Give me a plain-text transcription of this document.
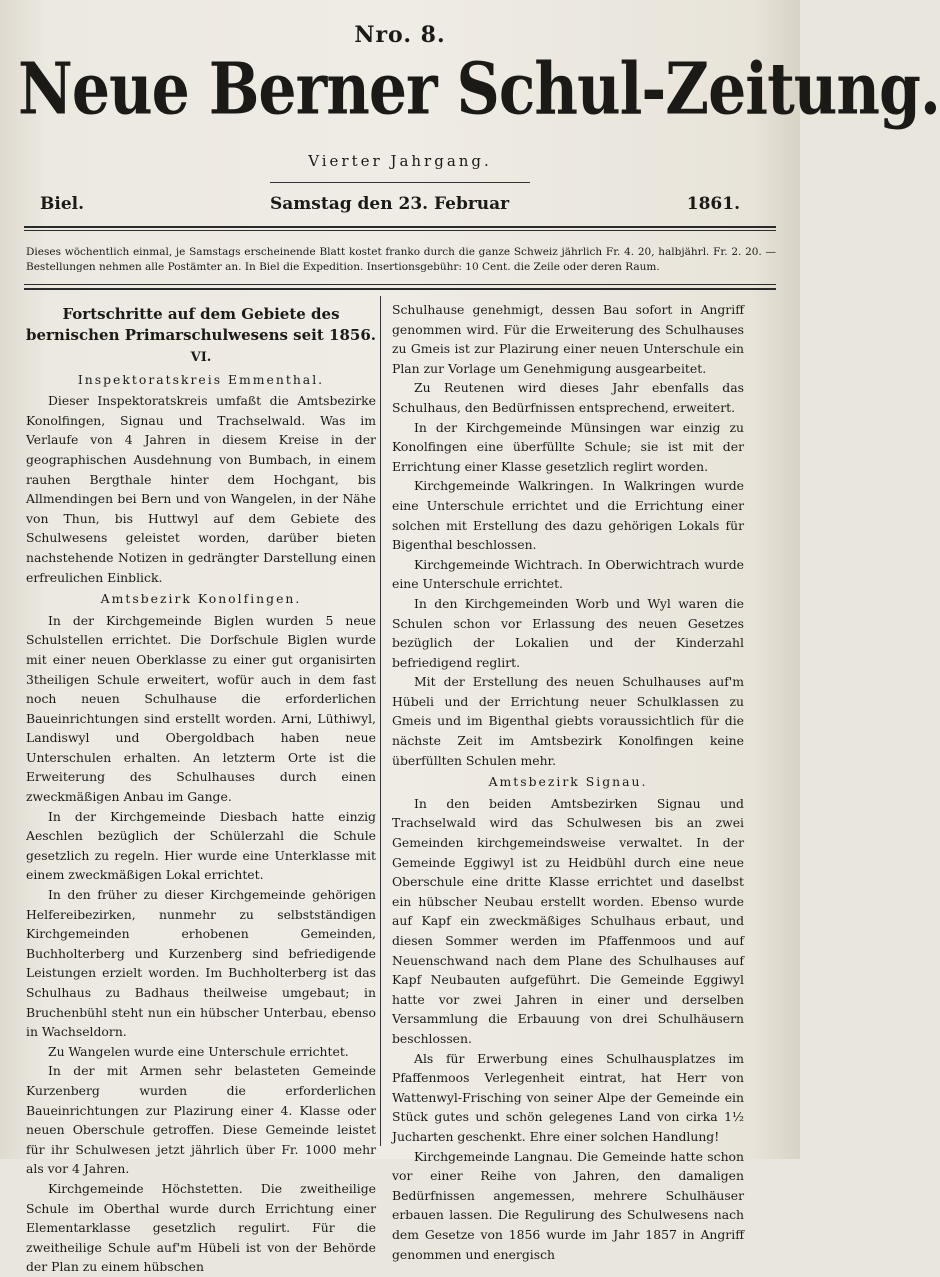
Nro. 8.
Neue Berner Schul-Zeitung.
Vierter Jahrgang.
Biel.	Samstag den 23. Februar	1861.
Dieses wöchentlich einmal, je Samstags erscheinende Blatt kostet franko durch die ganze Schweiz jährlich Fr. 4. 20, halbjährl. Fr. 2. 20. — Bestellungen nehmen alle Postämter an. In Biel die Expedition. Insertionsgebühr: 10 Cent. die Zeile oder deren Raum.
Fortschritte auf dem Gebiete des bernischen Primarschulwesens seit 1856.
VI.
Inspektoratskreis Emmenthal.

Dieser Inspektoratskreis umfaßt die Amtsbezirke Konolfingen, Signau und Trachselwald. Was im Verlaufe von 4 Jahren in diesem Kreise in der geographischen Ausdehnung von Bumbach, in einem rauhen Bergthale hinter dem Hochgant, bis Allmendingen bei Bern und von Wangelen, in der Nähe von Thun, bis Huttwyl auf dem Gebiete des Schulwesens geleistet worden, darüber bieten nachstehende Notizen in gedrängter Darstellung einen erfreulichen Einblick.

Amtsbezirk Konolfingen.

In der Kirchgemeinde Biglen wurden 5 neue Schulstellen errichtet. Die Dorfschule Biglen wurde mit einer neuen Oberklasse zu einer gut organisirten 3theiligen Schule erweitert, wofür auch in dem fast noch neuen Schulhause die erforderlichen Baueinrichtungen sind erstellt worden. Arni, Lüthiwyl, Landiswyl und Obergoldbach haben neue Unterschulen erhalten. An letzterm Orte ist die Erweiterung des Schulhauses durch einen zweckmäßigen Anbau im Gange.

In der Kirchgemeinde Diesbach hatte einzig Aeschlen bezüglich der Schülerzahl die Schule gesetzlich zu regeln. Hier wurde eine Unterklasse mit einem zweckmäßigen Lokal errichtet.

In den früher zu dieser Kirchgemeinde gehörigen Helfereibezirken, nunmehr zu selbstständigen Kirchgemeinden erhobenen Gemeinden, Buchholterberg und Kurzenberg sind befriedigende Leistungen erzielt worden. Im Buchholterberg ist das Schulhaus zu Badhaus theilweise umgebaut; in Bruchenbühl steht nun ein hübscher Unterbau, ebenso in Wachseldorn.

Zu Wangelen wurde eine Unterschule errichtet.

In der mit Armen sehr belasteten Gemeinde Kurzenberg wurden die erforderlichen Baueinrichtungen zur Plazirung einer 4. Klasse oder neuen Oberschule getroffen. Diese Gemeinde leistet für ihr Schulwesen jetzt jährlich über Fr. 1000 mehr als vor 4 Jahren.

Kirchgemeinde Höchstetten. Die zweitheilige Schule im Oberthal wurde durch Errichtung einer Elementarklasse gesetzlich regulirt. Für die zweitheilige Schule auf'm Hübeli ist von der Behörde der Plan zu einem hübschen

Schulhause genehmigt, dessen Bau sofort in Angriff genommen wird. Für die Erweiterung des Schulhauses zu Gmeis ist zur Plazirung einer neuen Unterschule ein Plan zur Vorlage um Genehmigung ausgearbeitet.

Zu Reutenen wird dieses Jahr ebenfalls das Schulhaus, den Bedürfnissen entsprechend, erweitert.

In der Kirchgemeinde Münsingen war einzig zu Konolfingen eine überfüllte Schule; sie ist mit der Errichtung einer Klasse gesetzlich reglirt worden.

Kirchgemeinde Walkringen. In Walkringen wurde eine Unterschule errichtet und die Errichtung einer solchen mit Erstellung des dazu gehörigen Lokals für Bigenthal beschlossen.

Kirchgemeinde Wichtrach. In Oberwichtrach wurde eine Unterschule errichtet.

In den Kirchgemeinden Worb und Wyl waren die Schulen schon vor Erlassung des neuen Gesetzes bezüglich der Lokalien und der Kinderzahl befriedigend reglirt.

Mit der Erstellung des neuen Schulhauses auf'm Hübeli und der Errichtung neuer Schulklassen zu Gmeis und im Bigenthal giebts voraussichtlich für die nächste Zeit im Amtsbezirk Konolfingen keine überfüllten Schulen mehr.

Amtsbezirk Signau.

In den beiden Amtsbezirken Signau und Trachselwald wird das Schulwesen bis an zwei Gemeinden kirchgemeindsweise verwaltet. In der Gemeinde Eggiwyl ist zu Heidbühl durch eine neue Oberschule eine dritte Klasse errichtet und daselbst ein hübscher Neubau erstellt worden. Ebenso wurde auf Kapf ein zweckmäßiges Schulhaus erbaut, und diesen Sommer werden im Pfaffenmoos und auf Neuenschwand nach dem Plane des Schulhauses auf Kapf Neubauten aufgeführt. Die Gemeinde Eggiwyl hatte vor zwei Jahren in einer und derselben Versammlung die Erbauung von drei Schulhäusern beschlossen.

Als für Erwerbung eines Schulhausplatzes im Pfaffenmoos Verlegenheit eintrat, hat Herr von Wattenwyl-Frisching von seiner Alpe der Gemeinde ein Stück gutes und schön gelegenes Land von cirka 1½ Jucharten geschenkt. Ehre einer solchen Handlung!

Kirchgemeinde Langnau. Die Gemeinde hatte schon vor einer Reihe von Jahren, den damaligen Bedürfnissen angemessen, mehrere Schulhäuser erbauen lassen. Die Regulirung des Schulwesens nach dem Gesetze von 1856 wurde im Jahr 1857 in Angriff genommen und energisch
